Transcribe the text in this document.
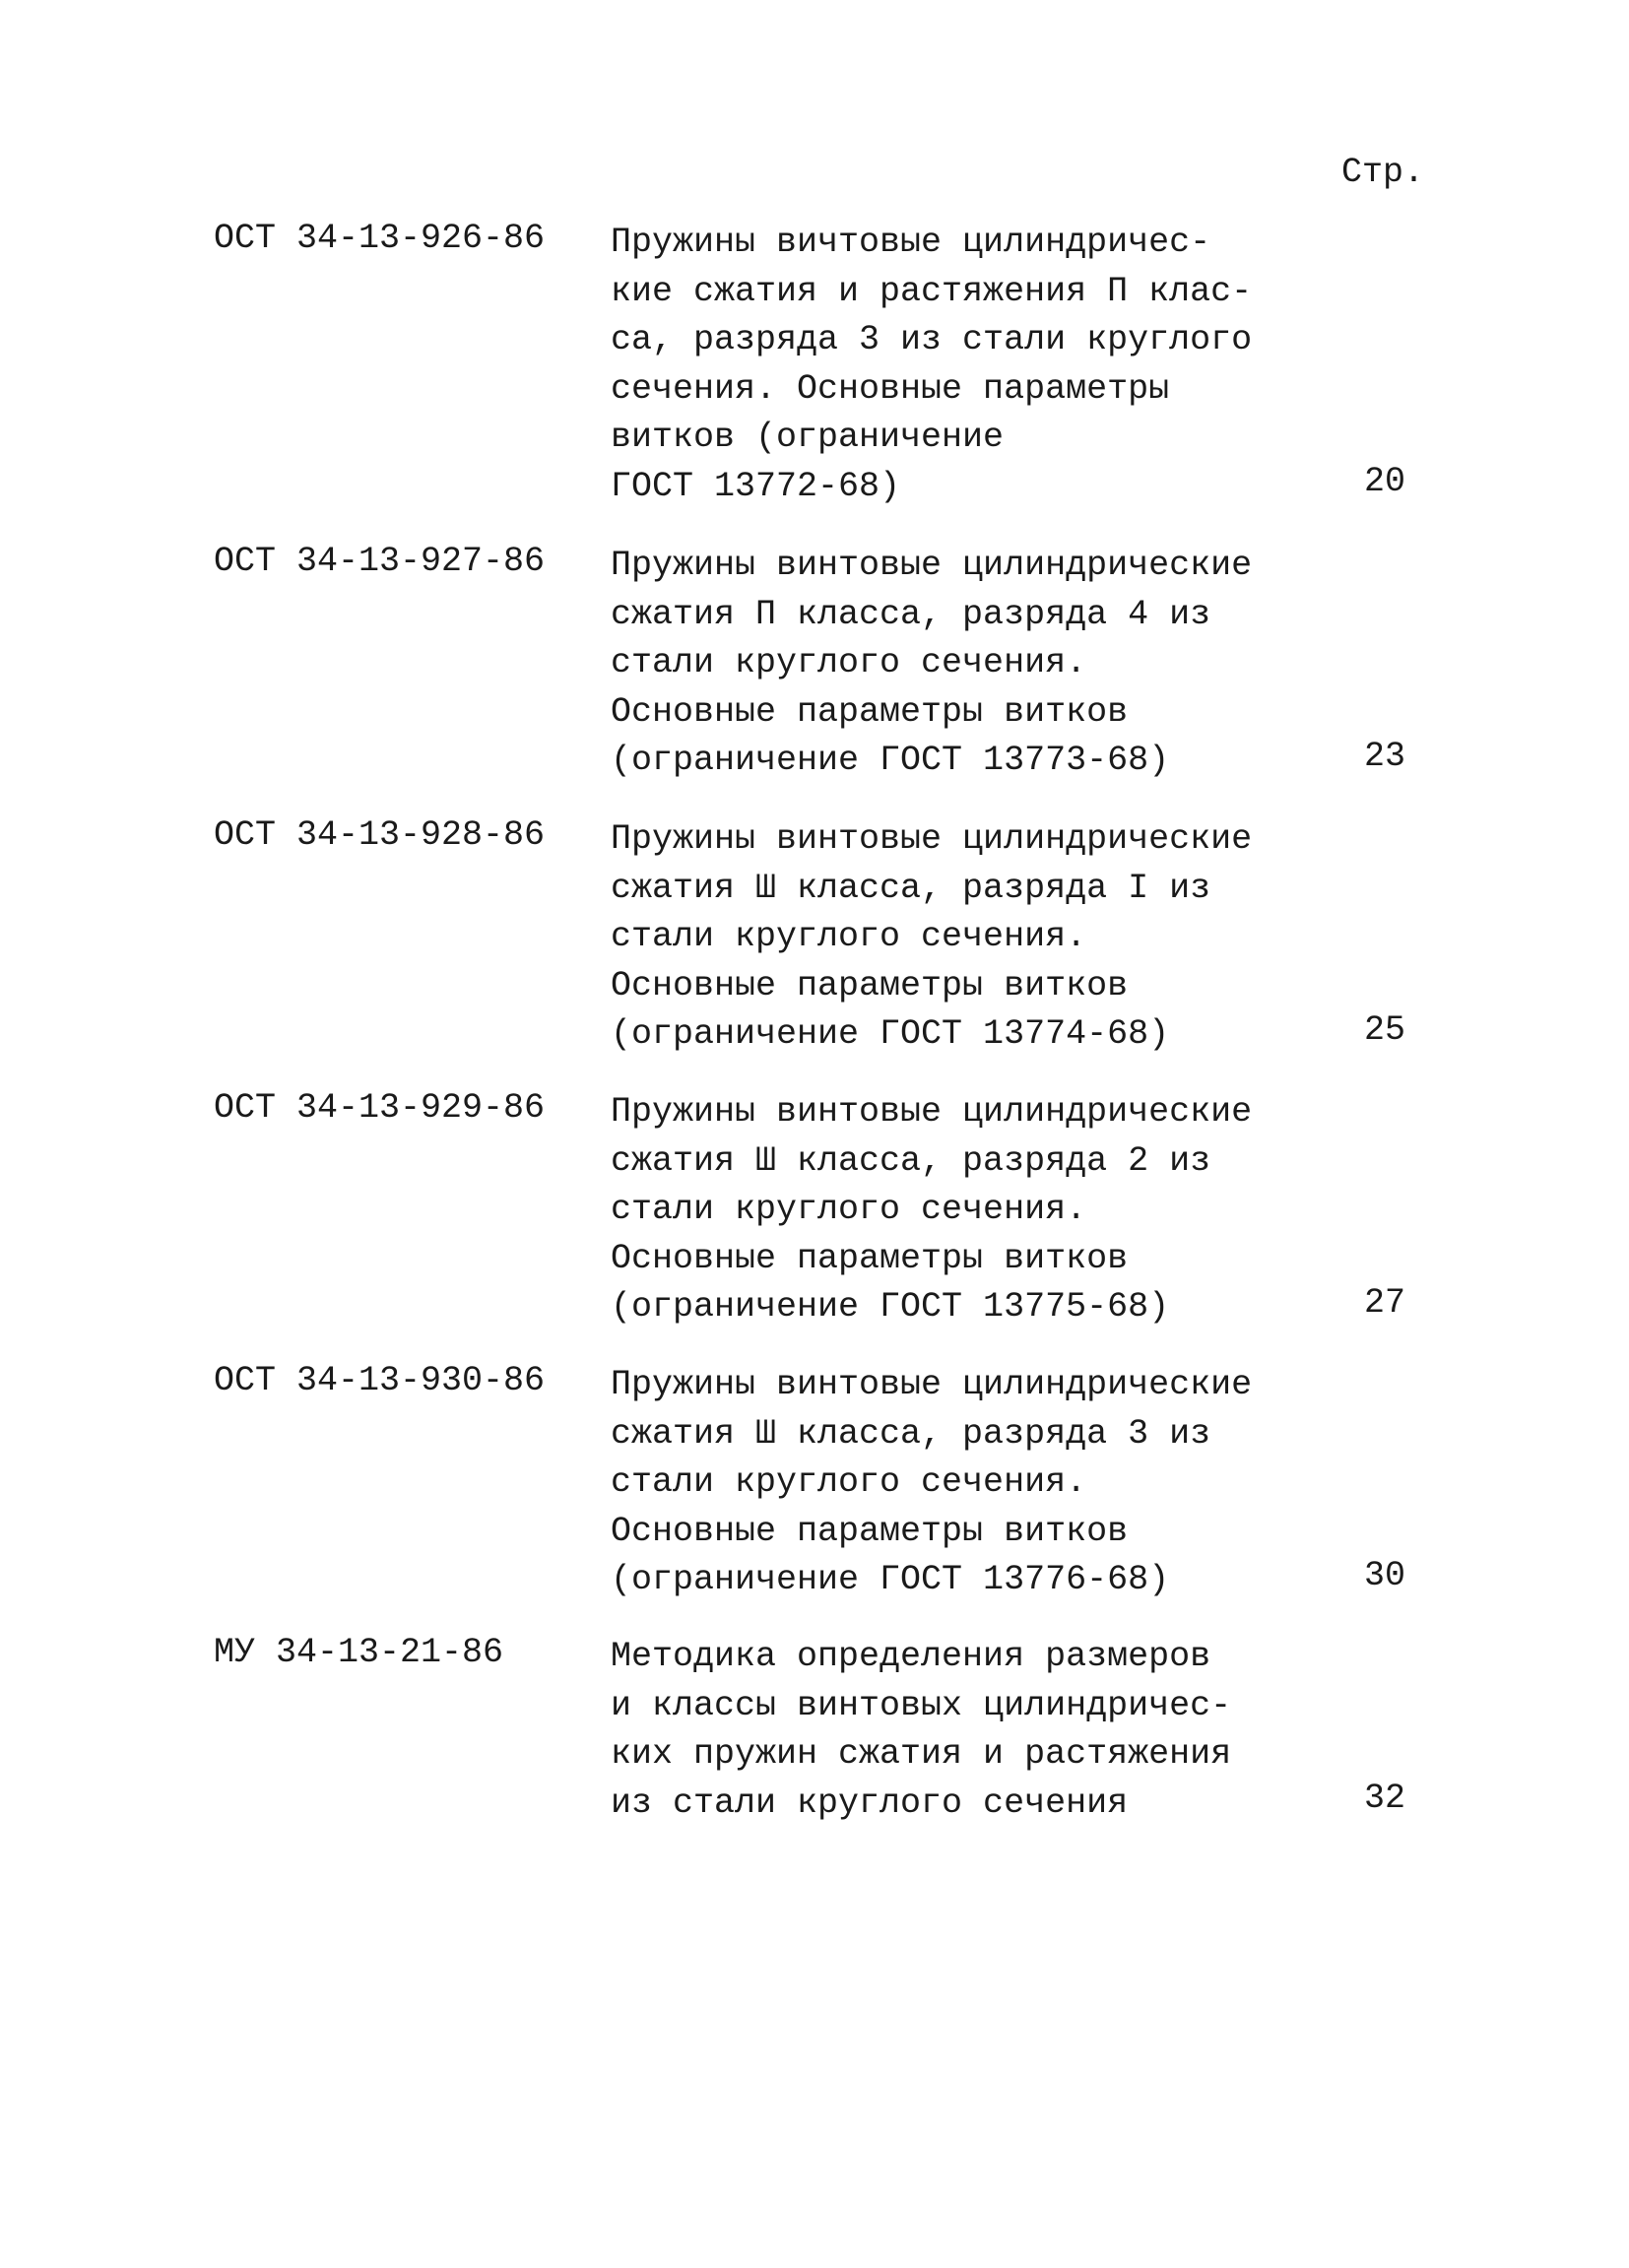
Стр.
ОСТ 34-13-926-86 Пружины вичтовые цилиндричес-
кие сжатия и растяжения П клас-
са, разряда 3 из стали круглого
сечения. Основные параметры
витков (ограничение
ГОСТ 13772-68)	20
ОСТ 34-13-927-86 Пружины винтовые цилиндрические
сжатия П класса, разряда 4 из
стали круглого сечения.
Основные параметры витков
(ограничение ГОСТ 13773-68)	23
ОСТ 34-13-928-86 Пружины винтовые цилиндрические
сжатия Ш класса, разряда I из
стали круглого сечения.
Основные параметры витков
(ограничение ГОСТ 13774-68)	25
ОСТ 34-13-929-86 Пружины винтовые цилиндрические
сжатия Ш класса, разряда 2 из
стали круглого сечения.
Основные параметры витков
(ограничение ГОСТ 13775-68)	27
ОСТ 34-13-930-86 Пружины винтовые цилиндрические
сжатия Ш класса, разряда 3 из
стали круглого сечения.
Основные параметры витков
(ограничение ГОСТ 13776-68)	30
МУ 34-13-21-86	Методика определения размеров
и классы винтовых цилиндричес-
ких пружин сжатия и растяжения
из стали круглого сечения	32
